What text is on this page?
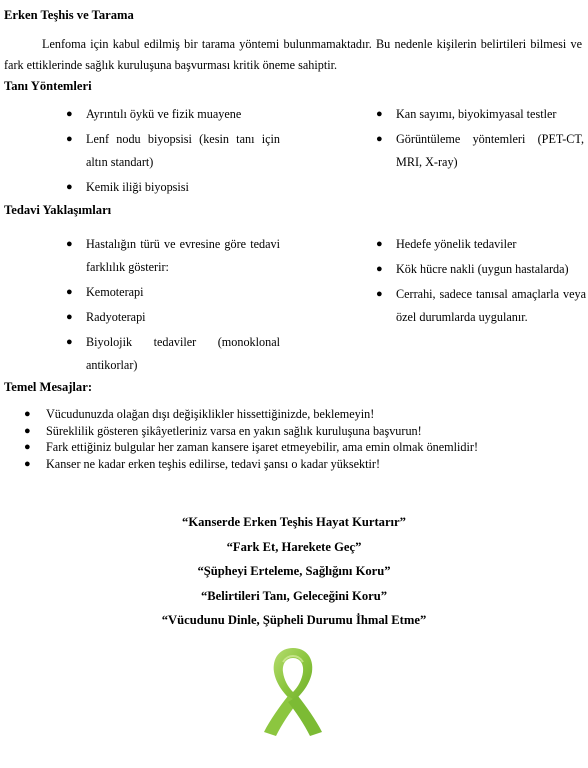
Erken Teşhis ve Tarama
Lenfoma için kabul edilmiş bir tarama yöntemi bulunmamaktadır. Bu nedenle kişilerin belirtileri bilmesi ve fark ettiklerinde sağlık kuruluşuna başvurması kritik öneme sahiptir.
Tanı Yöntemleri
● Ayrıntılı öykü ve fizik muayene
● Lenf nodu biyopsisi (kesin tanı için altın standart)
● Kemik iliği biyopsisi
● Kan sayımı, biyokimyasal testler
● Görüntüleme yöntemleri (PET-CT, MRI, X-ray)
Tedavi Yaklaşımları
● Hastalığın türü ve evresine göre tedavi farklılık gösterir:
● Kemoterapi
● Radyoterapi
● Biyolojik tedaviler (monoklonal antikorlar)
● Hedefe yönelik tedaviler
● Kök hücre nakli (uygun hastalarda)
● Cerrahi, sadece tanısal amaçlarla veya özel durumlarda uygulanır.
Temel Mesajlar:
● Vücudunuzda olağan dışı değişiklikler hissettiğinizde, beklemeyin!
● Süreklilik gösteren şikâyetleriniz varsa en yakın sağlık kuruluşuna başvurun!
● Fark ettiğiniz bulgular her zaman kansere işaret etmeyebilir, ama emin olmak önemlidir!
● Kanser ne kadar erken teşhis edilirse, tedavi şansı o kadar yüksektir!
“Kanserde Erken Teşhis Hayat Kurtarır”
“Fark Et, Harekete Geç”
“Şüpheyi Erteleme, Sağlığını Koru”
“Belirtileri Tanı, Geleceğini Koru”
“Vücudunu Dinle, Şüpheli Durumu İhmal Etme”
